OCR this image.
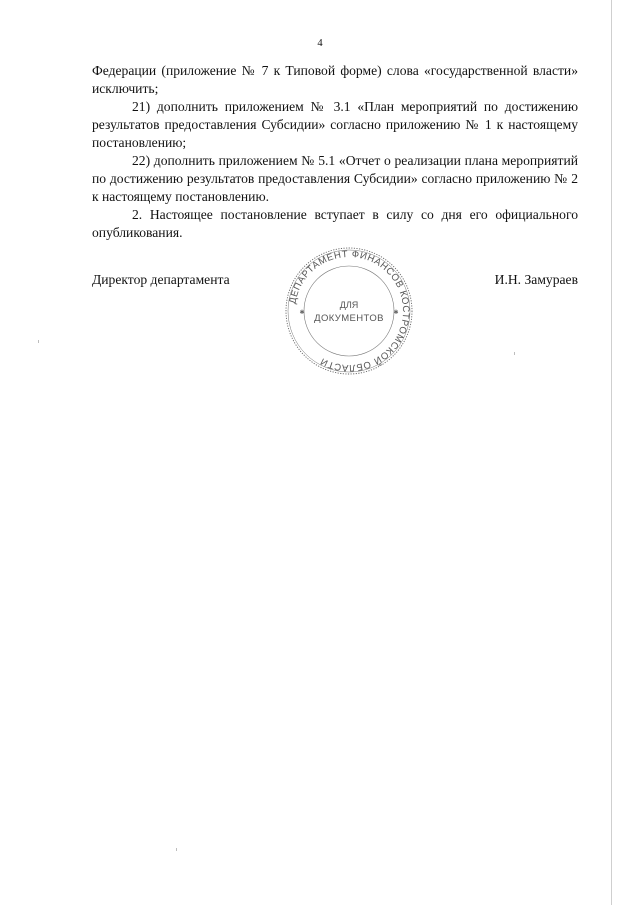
4

Федерации (приложение № 7 к Типовой форме) слова «государственной власти» исключить;

21) дополнить приложением № 3.1 «План мероприятий по достижению результатов предоставления Субсидии» согласно приложению № 1 к настоящему постановлению;

22) дополнить приложением № 5.1 «Отчет о реализации плана мероприятий по достижению результатов предоставления Субсидии» согласно приложению № 2 к настоящему постановлению.

2. Настоящее постановление вступает в силу со дня его официального опубликования.

Директор департамента	И.Н. Замураев
ДЕПАРТАМЕНТ ФИНАНСОВ КОСТРОМСКОЙ ОБЛАСТИ
ДЛЯ
ДОКУМЕНТОВ
✱	✱
